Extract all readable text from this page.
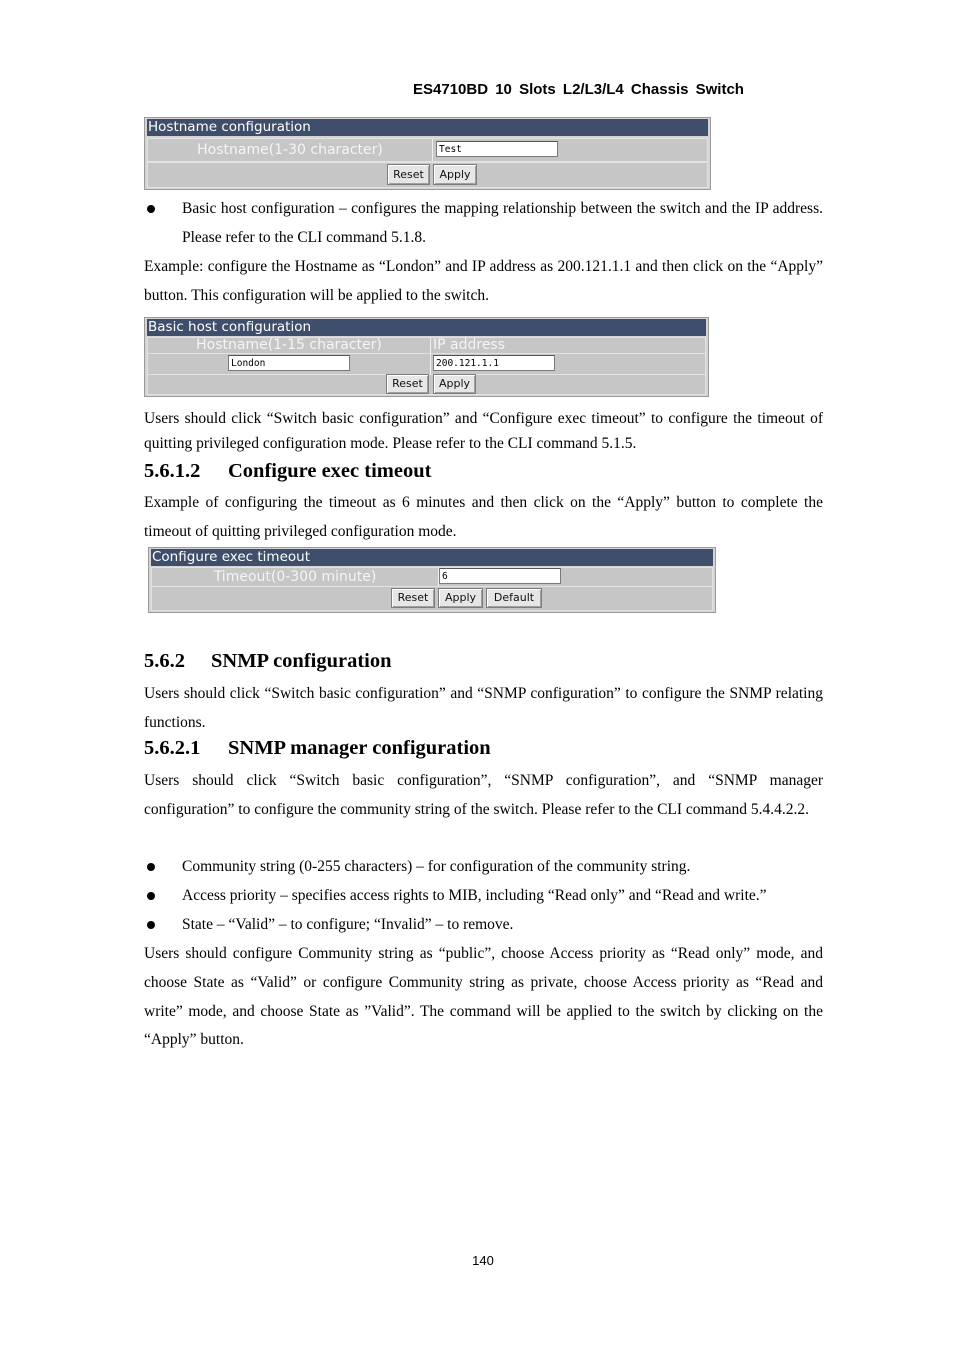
ES4710BD 10 Slots L2/L3/L4 Chassis Switch
Hostname configuration
Hostname(1-30 character)	Test
Reset	Apply
Basic host configuration – configures the mapping relationship between the switch and the IP address. Please refer to the CLI command 5.1.8.

Example: configure the Hostname as “London” and IP address as 200.121.1.1 and then click on the “Apply” button. This configuration will be applied to the switch.

Basic host configuration
Hostname(1-15 character)	IP address
London	200.121.1.1
Reset	Apply

Users should click “Switch basic configuration” and “Configure exec timeout” to configure the timeout of quitting privileged configuration mode. Please refer to the CLI command 5.1.5.

5.6.1.2 Configure exec timeout

Example of configuring the timeout as 6 minutes and then click on the “Apply” button to complete the timeout of quitting privileged configuration mode.

Configure exec timeout
Timeout(0-300 minute)	6
Reset	Apply	Default
5.6.2 SNMP configuration

Users should click “Switch basic configuration” and “SNMP configuration” to configure the SNMP relating functions.

5.6.2.1 SNMP manager configuration

Users should click “Switch basic configuration”, “SNMP configuration”, and “SNMP manager configuration” to configure the community string of the switch. Please refer to the CLI command 5.4.4.2.2.

Community string (0-255 characters) – for configuration of the community string.
Access priority – specifies access rights to MIB, including “Read only” and “Read and write.”
State – “Valid” – to configure; “Invalid” – to remove.

Users should configure Community string as “public”, choose Access priority as “Read only” mode, and choose State as “Valid” or configure Community string as private, choose Access priority as “Read and write” mode, and choose State as ”Valid”. The command will be applied to the switch by clicking on the “Apply” button.

140
